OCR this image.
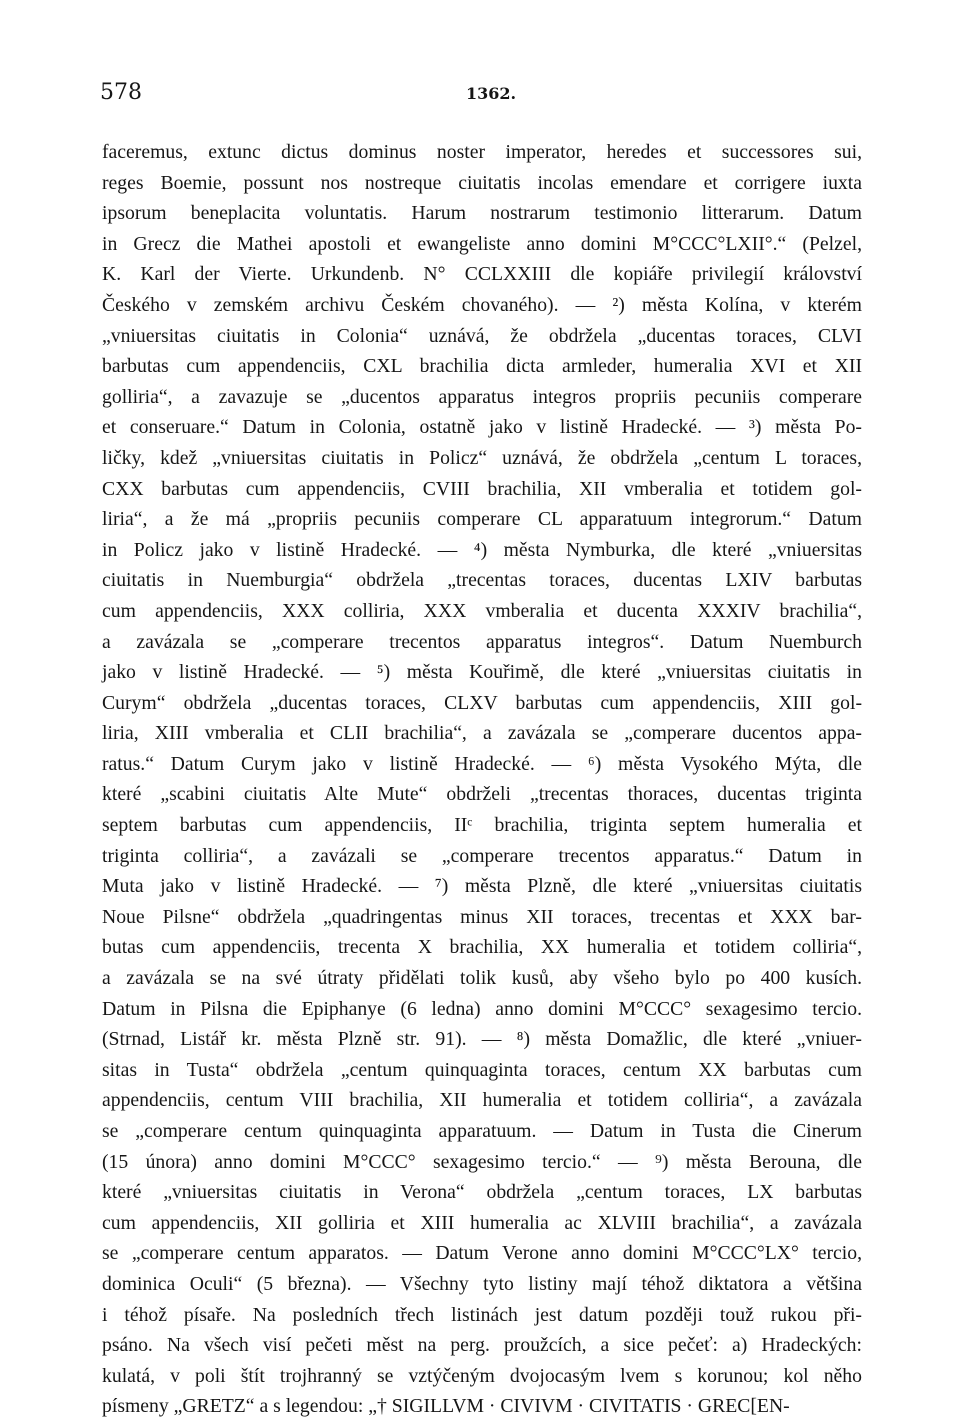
578	1362.
faceremus, extunc dictus dominus noster imperator, heredes et successores sui,
reges Boemie, possunt nos nostreque ciuitatis incolas emendare et corrigere iuxta
ipsorum beneplacita voluntatis. Harum nostrarum testimonio litterarum. Datum
in Grecz die Mathei apostoli et ewangeliste anno domini M°CCC°LXII°.“ (Pelzel,
K. Karl der Vierte. Urkundenb. N° CCLXXIII dle kopiáře privilegií království
Českého v zemském archivu Českém chovaného). — ²) města Kolína, v kterém
„vniuersitas ciuitatis in Colonia“ uznává, že obdržela „ducentas toraces, CLVI
barbutas cum appendenciis, CXL brachilia dicta armleder, humeralia XVI et XII
golliria“, a zavazuje se „ducentos apparatus integros propriis pecuniis comperare
et conseruare.“ Datum in Colonia, ostatně jako v listině Hradecké. — ³) města Po-
ličky, kdež „vniuersitas ciuitatis in Policz“ uznává, že obdržela „centum L toraces,
CXX barbutas cum appendenciis, CVIII brachilia, XII vmberalia et totidem gol-
liria“, a že má „propriis pecuniis comperare CL apparatuum integrorum.“ Datum
in Policz jako v listině Hradecké. — ⁴) města Nymburka, dle které „vniuersitas
ciuitatis in Nuemburgia“ obdržela „trecentas toraces, ducentas LXIV barbutas
cum appendenciis, XXX colliria, XXX vmberalia et ducenta XXXIV brachilia“,
a zavázala se „comperare trecentos apparatus integros“. Datum Nuemburch
jako v listině Hradecké. — ⁵) města Kouřimě, dle které „vniuersitas ciuitatis in
Curym“ obdržela „ducentas toraces, CLXV barbutas cum appendenciis, XIII gol-
liria, XIII vmberalia et CLII brachilia“, a zavázala se „comperare ducentos appa-
ratus.“ Datum Curym jako v listině Hradecké. — ⁶) města Vysokého Mýta, dle
které „scabini ciuitatis Alte Mute“ obdrželi „trecentas thoraces, ducentas triginta
septem barbutas cum appendenciis, IIᶜ brachilia, triginta septem humeralia et
triginta colliria“, a zavázali se „comperare trecentos apparatus.“ Datum in
Muta jako v listině Hradecké. — ⁷) města Plzně, dle které „vniuersitas ciuitatis
Noue Pilsne“ obdržela „quadringentas minus XII toraces, trecentas et XXX bar-
butas cum appendenciis, trecenta X brachilia, XX humeralia et totidem colliria“,
a zavázala se na své útraty přidělati tolik kusů, aby všeho bylo po 400 kusích.
Datum in Pilsna die Epiphanye (6 ledna) anno domini M°CCC° sexagesimo tercio.
(Strnad, Listář kr. města Plzně str. 91). — ⁸) města Domažlic, dle které „vniuer-
sitas in Tusta“ obdržela „centum quinquaginta toraces, centum XX barbutas cum
appendenciis, centum VIII brachilia, XII humeralia et totidem colliria“, a zavázala
se „comperare centum quinquaginta apparatuum. — Datum in Tusta die Cinerum
(15 února) anno domini M°CCC° sexagesimo tercio.“ — ⁹) města Berouna, dle
které „vniuersitas ciuitatis in Verona“ obdržela „centum toraces, LX barbutas
cum appendenciis, XII golliria et XIII humeralia ac XLVIII brachilia“, a zavázala
se „comperare centum apparatos. — Datum Verone anno domini M°CCC°LX° tercio,
dominica Oculi“ (5 března). — Všechny tyto listiny mají téhož diktatora a většina
i téhož písaře. Na posledních třech listinách jest datum později touž rukou při-
psáno. Na všech visí pečeti měst na perg. proužcích, a sice pečeť: a) Hradeckých:
kulatá, v poli štít trojhranný se vztýčeným dvojocasým lvem s korunou; kol něho
písmeny „GRETZ“ a s legendou: „† SIGILLVM · CIVIVM · CIVITATIS · GREC[EN-
